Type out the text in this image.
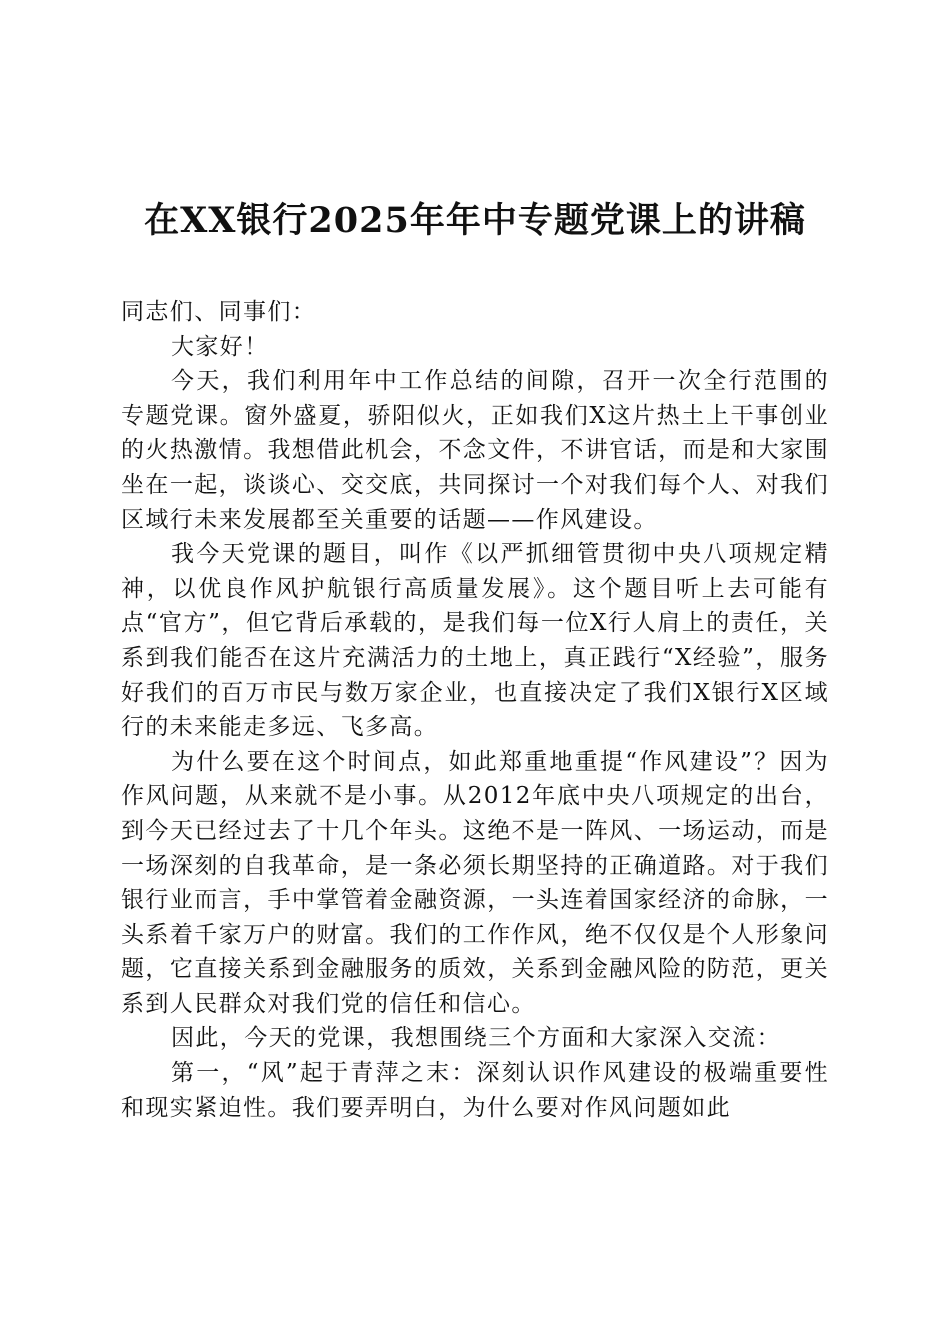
在XX银行2025年年中专题党课上的讲稿

同志们、同事们：

大家好！

今天，我们利用年中工作总结的间隙，召开一次全行范围的专题党课。窗外盛夏，骄阳似火，正如我们X这片热土上干事创业的火热激情。我想借此机会，不念文件，不讲官话，而是和大家围坐在一起，谈谈心、交交底，共同探讨一个对我们每个人、对我们区域行未来发展都至关重要的话题——作风建设。

我今天党课的题目，叫作《以严抓细管贯彻中央八项规定精神，以优良作风护航银行高质量发展》。这个题目听上去可能有点“官方”，但它背后承载的，是我们每一位X行人肩上的责任，关系到我们能否在这片充满活力的土地上，真正践行“X经验”，服务好我们的百万市民与数万家企业，也直接决定了我们X银行X区域行的未来能走多远、飞多高。

为什么要在这个时间点，如此郑重地重提“作风建设”？因为作风问题，从来就不是小事。从2012年底中央八项规定的出台，到今天已经过去了十几个年头。这绝不是一阵风、一场运动，而是一场深刻的自我革命，是一条必须长期坚持的正确道路。对于我们银行业而言，手中掌管着金融资源，一头连着国家经济的命脉，一头系着千家万户的财富。我们的工作作风，绝不仅仅是个人形象问题，它直接关系到金融服务的质效，关系到金融风险的防范，更关系到人民群众对我们党的信任和信心。

因此，今天的党课，我想围绕三个方面和大家深入交流：

第一，“风”起于青萍之末：深刻认识作风建设的极端重要性和现实紧迫性。我们要弄明白，为什么要对作风问题如此
